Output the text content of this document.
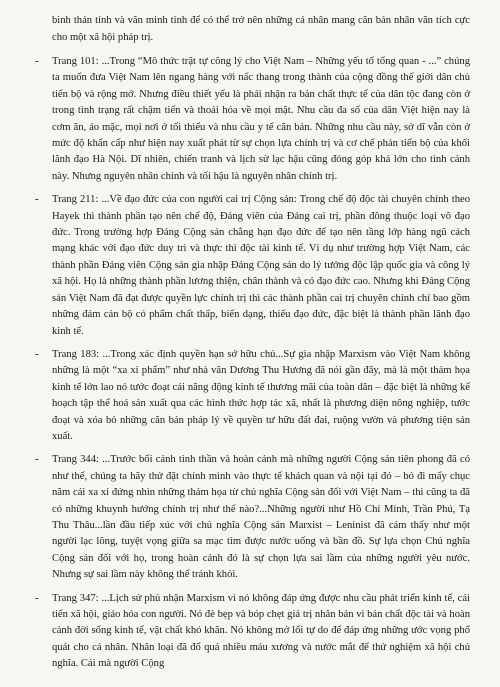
bình thản tỉnh và văn minh tinh để có thể trở nên những cá nhân mang căn bản nhân văn tích cực cho một xã hội pháp trị.

- Trang 101: ...Trong “Mô thức trật tự công lý cho Việt Nam – Những yếu tố tổng quan - ...” chúng ta muốn đưa Việt Nam lên ngang hàng với nấc thang trong thành của cộng đồng thế giới dân chủ tiến bộ và rộng mở. Nhưng điều thiết yếu là phải nhận ra bản chất thực tế của dân tộc đang còn ở trong tình trạng rất chậm tiến và thoái hóa về mọi mặt. Nhu cầu đa số của dân Việt hiện nay là cơm ăn, áo mặc, mọi nơi ở tối thiểu và nhu cầu y tế căn bản. Những nhu cầu này, sở dĩ vẫn còn ở mức độ khẩn cấp như hiện nay xuất phát từ sự chọn lựa chính trị và cơ chế phản tiến bộ của khối lãnh đạo Hà Nội. Dĩ nhiên, chiến tranh và lịch sử lạc hậu cũng đóng góp khá lớn cho tình cảnh này. Nhưng nguyên nhân chính và tối hậu là nguyên nhân chính trị.

- Trang 211: ...Về đạo đức của con người cai trị Cộng sản: Trong chế độ độc tài chuyên chính theo Hayek thì thành phần tạo nên chế độ, Đảng viên của Đảng cai trị, phần đông thuộc loại vô đạo đức. Trong trường hợp Đảng Cộng sản chẳng hạn đạo đức để tạo nên tầng lớp hàng ngũ cách mạng khác với đạo đức duy trì và thực thi độc tài kinh tế. Ví dụ như trường hợp Việt Nam, các thành phần Đảng viên Cộng sản gia nhập Đảng Cộng sản do lý tưởng độc lập quốc gia và công lý xã hội. Họ là những thành phần lương thiện, chân thành và có đạo đức cao. Nhưng khi Đảng Cộng sản Việt Nam đã đạt được quyền lực chính trị thì các thành phần cai trị chuyên chính chỉ bao gồm những đám cán bộ có phẩm chất thấp, biến dạng, thiếu đạo đức, đặc biệt là thành phần lãnh đạo kinh tế.

- Trang 183: ...Trong xác định quyền hạn sở hữu chủ...Sự gia nhập Marxism vào Việt Nam không những là một “xa xỉ phẩm” như nhà văn Dương Thu Hương đã nói gần đây, mà là một thảm họa kinh tế lớn lao nó tước đoạt cái năng động kinh tế thương mãi của toàn dân – đặc biệt là những kế hoạch tập thể hoá sản xuất qua các hình thức hợp tác xã, nhất là phương diện nông nghiệp, tước đoạt và xóa bỏ những căn bản pháp lý về quyền tư hữu đất đai, ruộng vườn và phương tiện sản xuất.

- Trang 344: ...Trước bối cảnh tình thần và hoàn cảnh mà những người Cộng sản tiên phong đã có như thế, chúng ta hãy thử đặt chính mình vào thực tế khách quan và nội tại đó – bỏ đi mấy chục năm cái xa xỉ đứng nhìn những thảm họa từ chủ nghĩa Cộng sản đối với Việt Nam – thì cũng ta đã có những khuynh hướng chính trị như thế nào?...Những người như Hồ Chí Minh, Trần Phú, Tạ Thu Thâu...lần đầu tiếp xúc với chủ nghĩa Cộng sản Marxist – Leninist đã cảm thấy như một người lạc lõng, tuyệt vọng giữa sa mạc tìm được nước uống và bần đồ. Sự lựa chọn Chủ nghĩa Cộng sản đối với họ, trong hoàn cảnh đó là sự chọn lựa sai lầm của những người yêu nước. Nhưng sự sai lầm này không thể tránh khỏi.

- Trang 347: ...Lịch sử phủ nhận Marxism vì nó không đáp ứng được nhu cầu phát triển kinh tế, cải tiến xã hội, giáo hóa con người. Nó đè bẹp và bóp chẹt giá trị nhân bản vì bản chất độc tài và hoàn cảnh đời sống kinh tế, vật chất khó khăn. Nó không mở lối tự do để đáp ứng những ước vọng phổ quát cho cá nhân. Nhân loại đã đổ quá nhiều máu xương và nước mắt để thử nghiệm xã hội chủ nghĩa. Cái mà người Cộng
